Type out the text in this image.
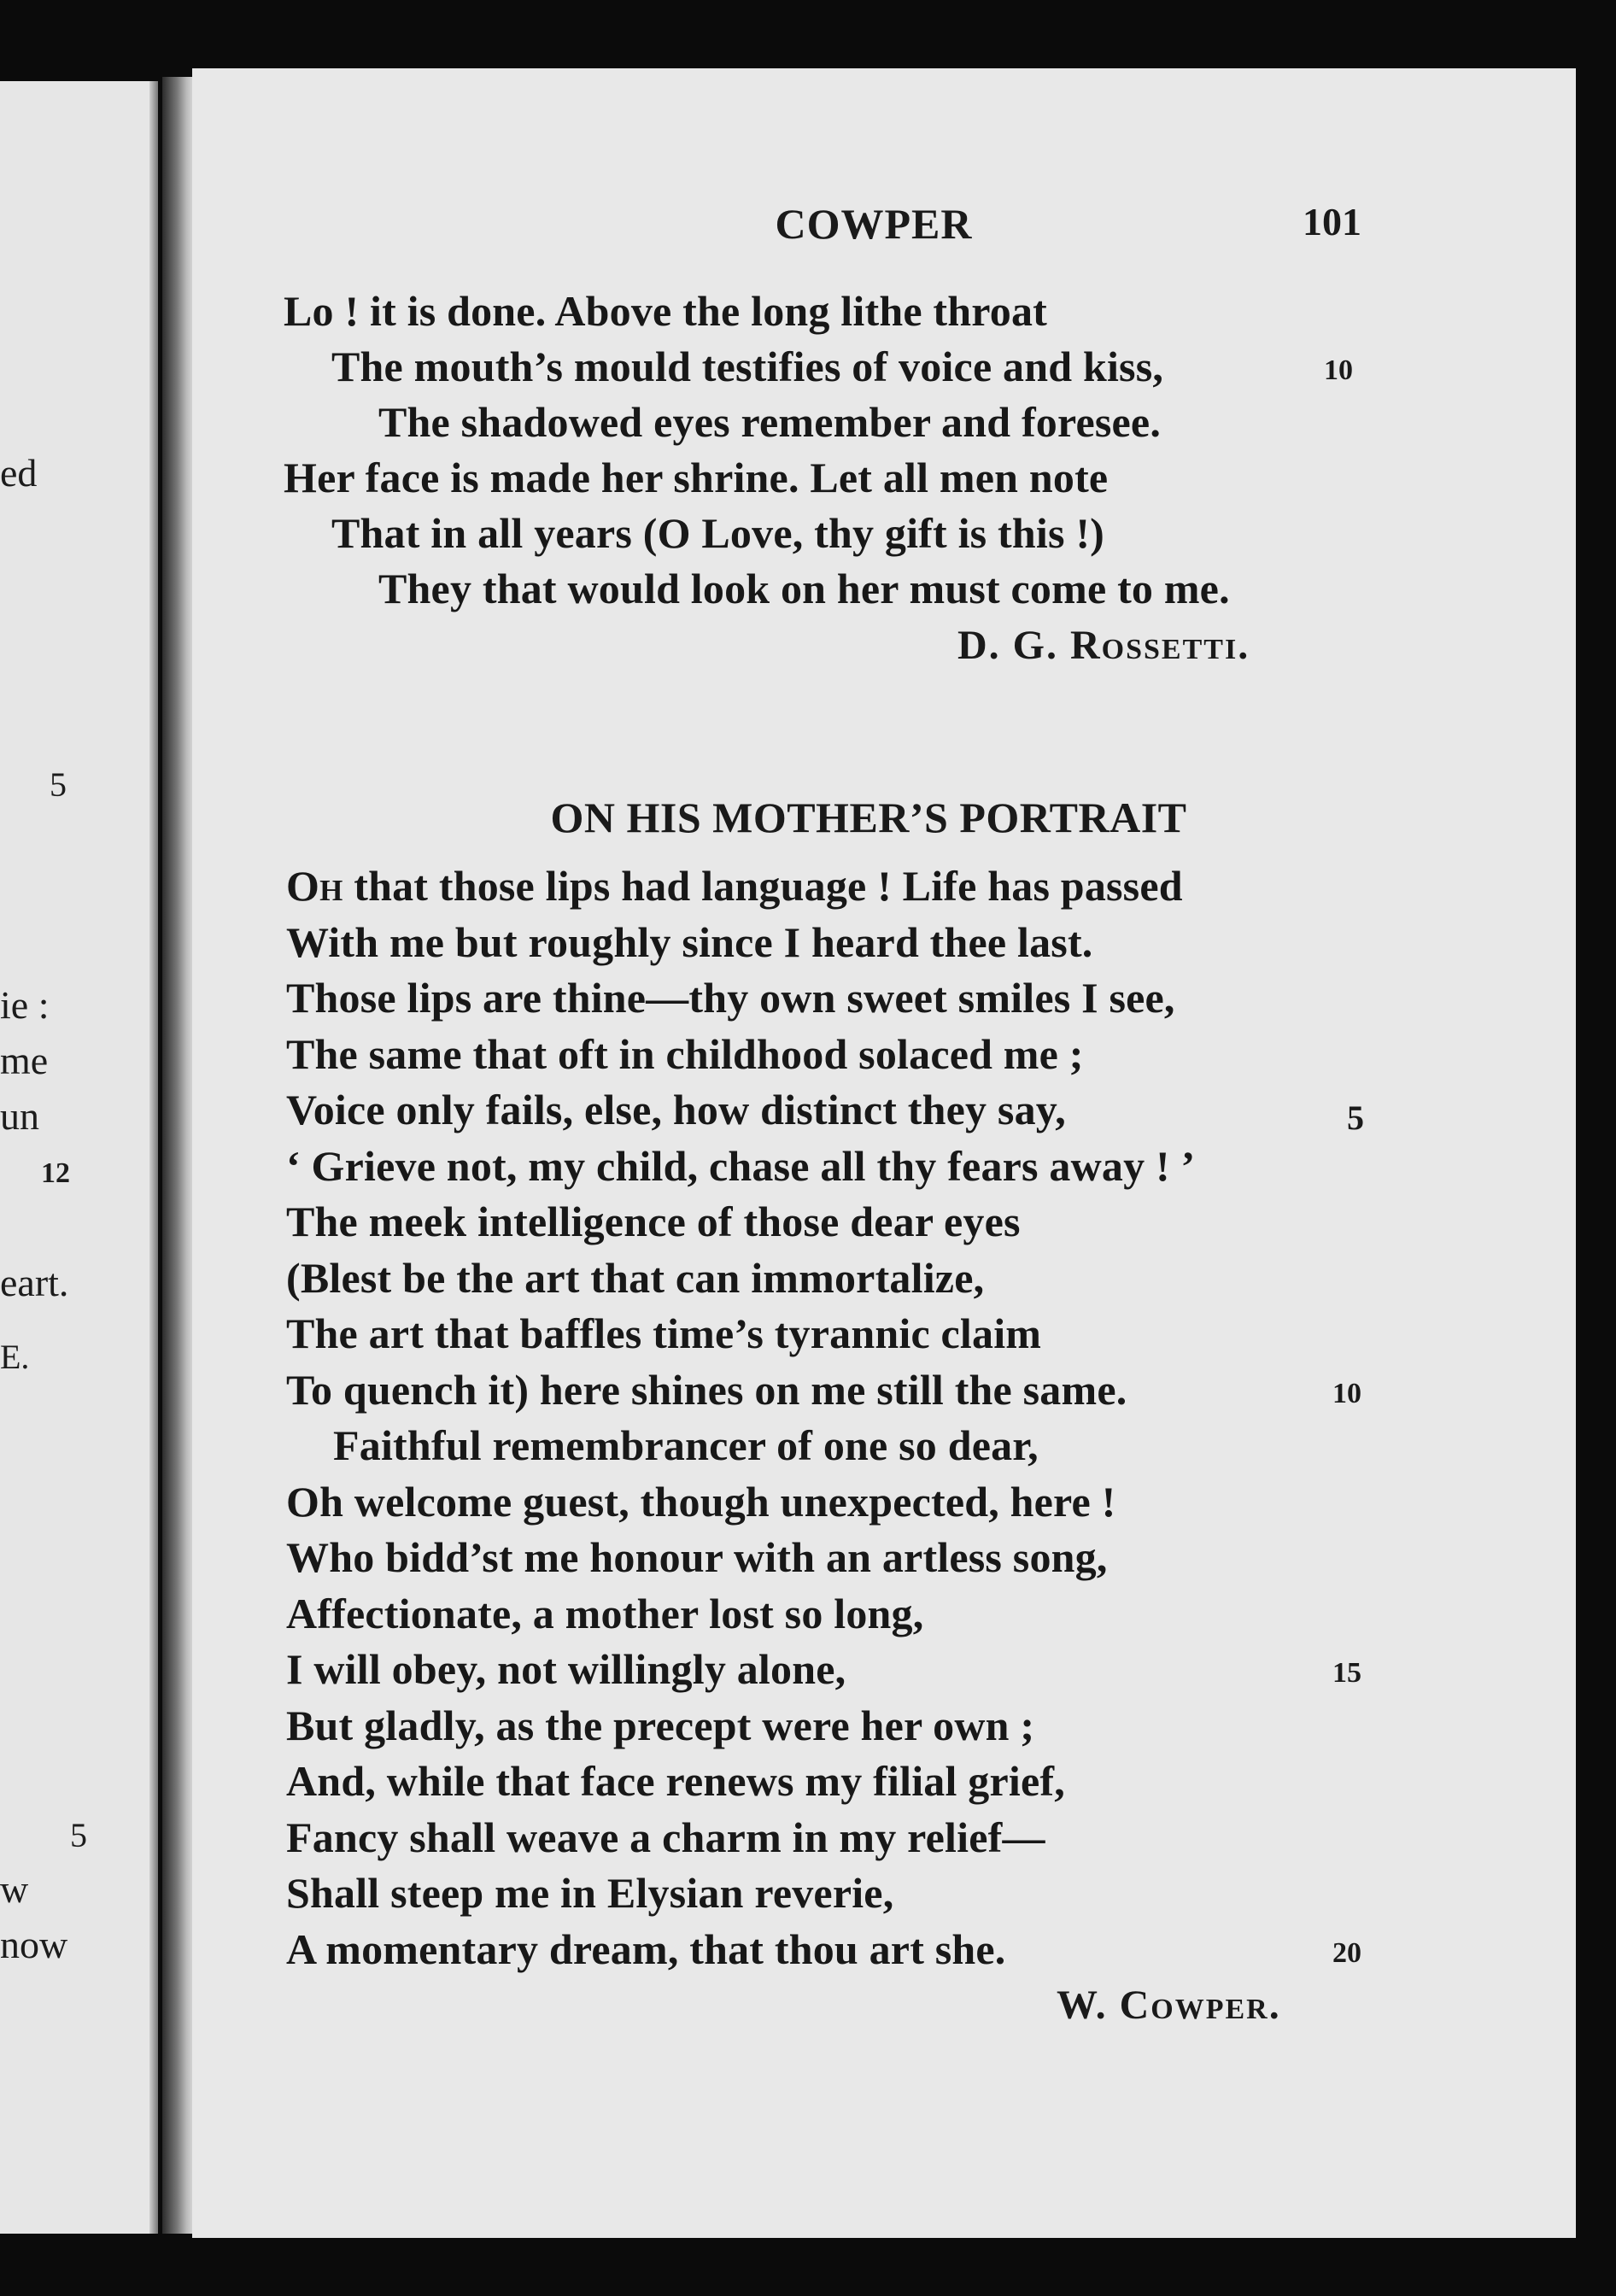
ed
5
ie :
me
un
12
eart.
E.
5
w
now
COWPER	101
Lo ! it is done. Above the long lithe throat
The mouth’s mould testifies of voice and kiss,	10
The shadowed eyes remember and foresee.
Her face is made her shrine. Let all men note
That in all years (O Love, thy gift is this !)
They that would look on her must come to me.
D. G. Rossetti.
ON HIS MOTHER’S PORTRAIT
Oh that those lips had language ! Life has passed
With me but roughly since I heard thee last.
Those lips are thine—thy own sweet smiles I see,
The same that oft in childhood solaced me ;
Voice only fails, else, how distinct they say,	5
‘ Grieve not, my child, chase all thy fears away ! ’
The meek intelligence of those dear eyes
(Blest be the art that can immortalize,
The art that baffles time’s tyrannic claim
To quench it) here shines on me still the same.	10
Faithful remembrancer of one so dear,
Oh welcome guest, though unexpected, here !
Who bidd’st me honour with an artless song,
Affectionate, a mother lost so long,
I will obey, not willingly alone,	15
But gladly, as the precept were her own ;
And, while that face renews my filial grief,
Fancy shall weave a charm in my relief—
Shall steep me in Elysian reverie,
A momentary dream, that thou art she.	20
W. Cowper.
